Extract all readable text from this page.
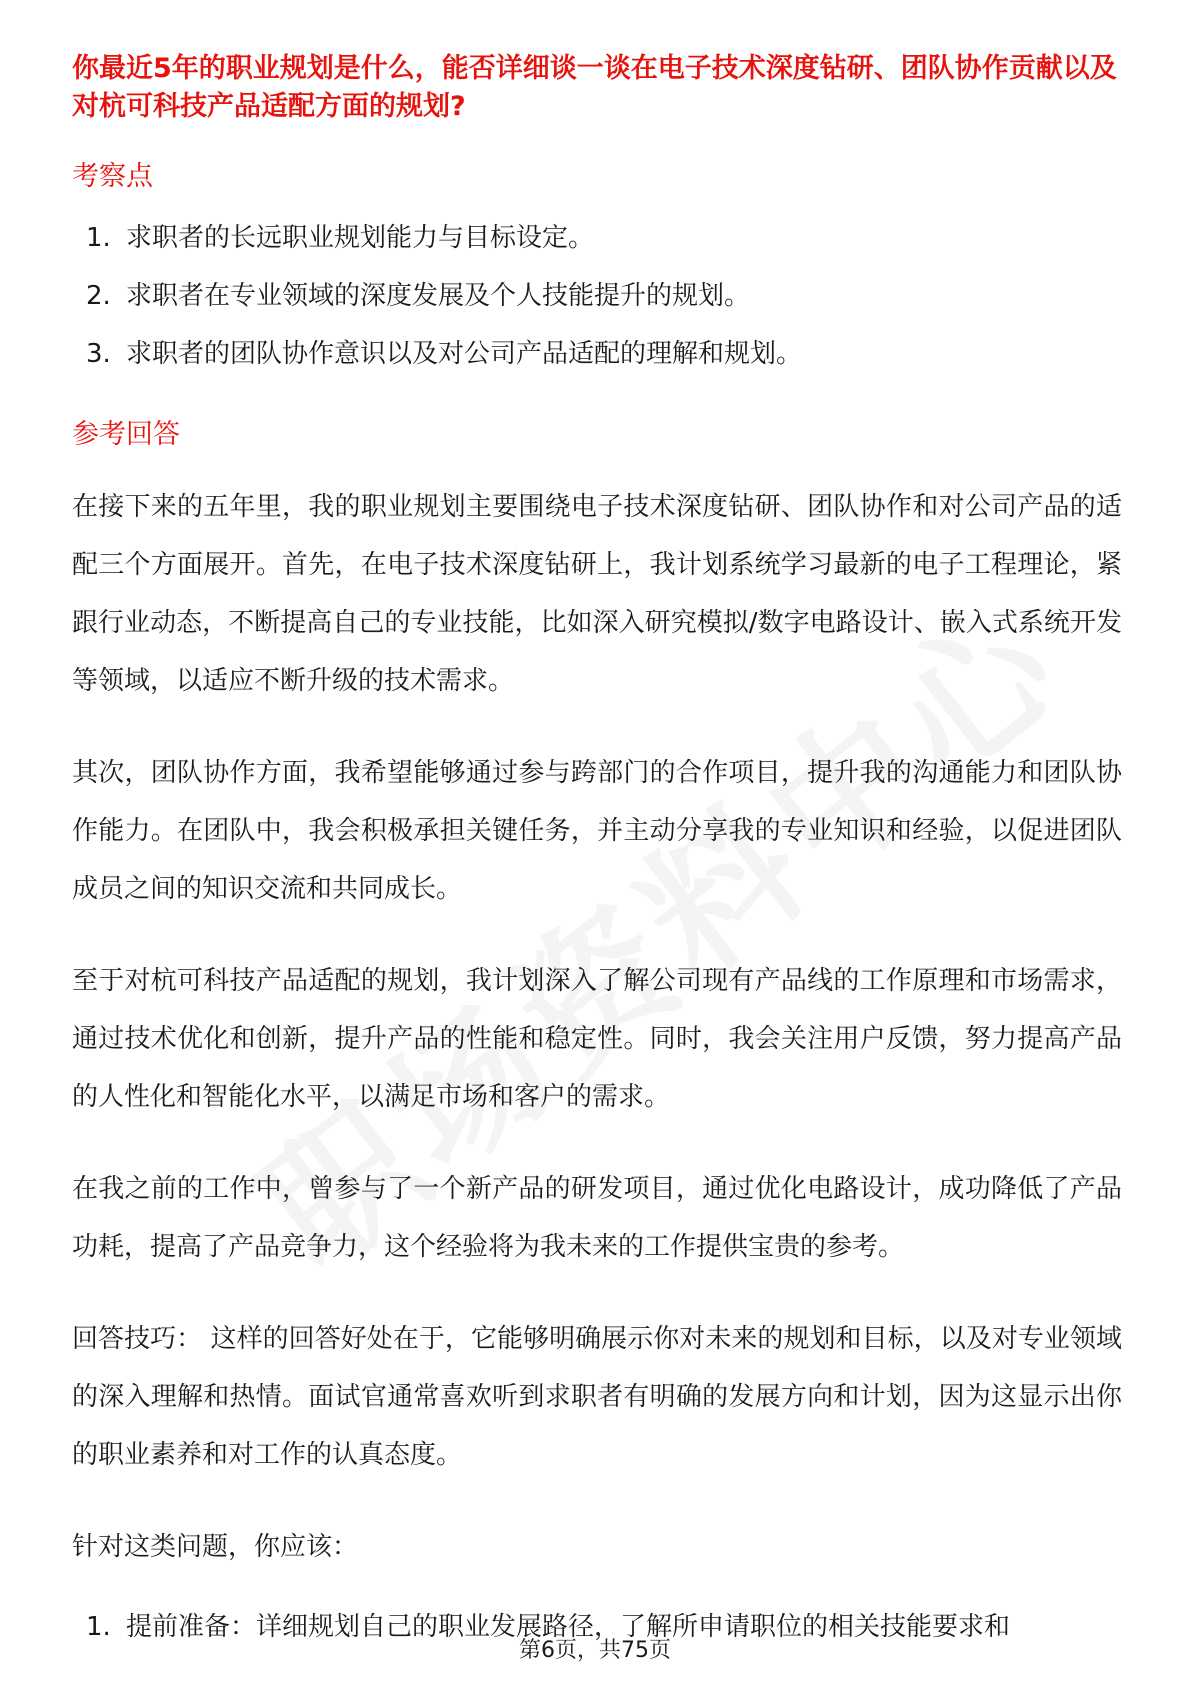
你最近5年的职业规划是什么，能否详细谈一谈在电子技术深度钻研、团队协作贡献以及对杭可科技产品适配方面的规划?

考察点

1. 求职者的长远职业规划能力与目标设定。
2. 求职者在专业领域的深度发展及个人技能提升的规划。
3. 求职者的团队协作意识以及对公司产品适配的理解和规划。

参考回答

在接下来的五年里，我的职业规划主要围绕电子技术深度钻研、团队协作和对公司产品的适配三个方面展开。首先，在电子技术深度钻研上，我计划系统学习最新的电子工程理论，紧跟行业动态，不断提高自己的专业技能，比如深入研究模拟/数字电路设计、嵌入式系统开发等领域，以适应不断升级的技术需求。

其次，团队协作方面，我希望能够通过参与跨部门的合作项目，提升我的沟通能力和团队协作能力。在团队中，我会积极承担关键任务，并主动分享我的专业知识和经验，以促进团队成员之间的知识交流和共同成长。

至于对杭可科技产品适配的规划，我计划深入了解公司现有产品线的工作原理和市场需求，通过技术优化和创新，提升产品的性能和稳定性。同时，我会关注用户反馈，努力提高产品的人性化和智能化水平，以满足市场和客户的需求。

在我之前的工作中，曾参与了一个新产品的研发项目，通过优化电路设计，成功降低了产品功耗，提高了产品竞争力，这个经验将为我未来的工作提供宝贵的参考。

回答技巧： 这样的回答好处在于，它能够明确展示你对未来的规划和目标，以及对专业领域的深入理解和热情。面试官通常喜欢听到求职者有明确的发展方向和计划，因为这显示出你的职业素养和对工作的认真态度。

针对这类问题，你应该：

1. 提前准备：详细规划自己的职业发展路径，了解所申请职位的相关技能要求和
第6页，共75页
